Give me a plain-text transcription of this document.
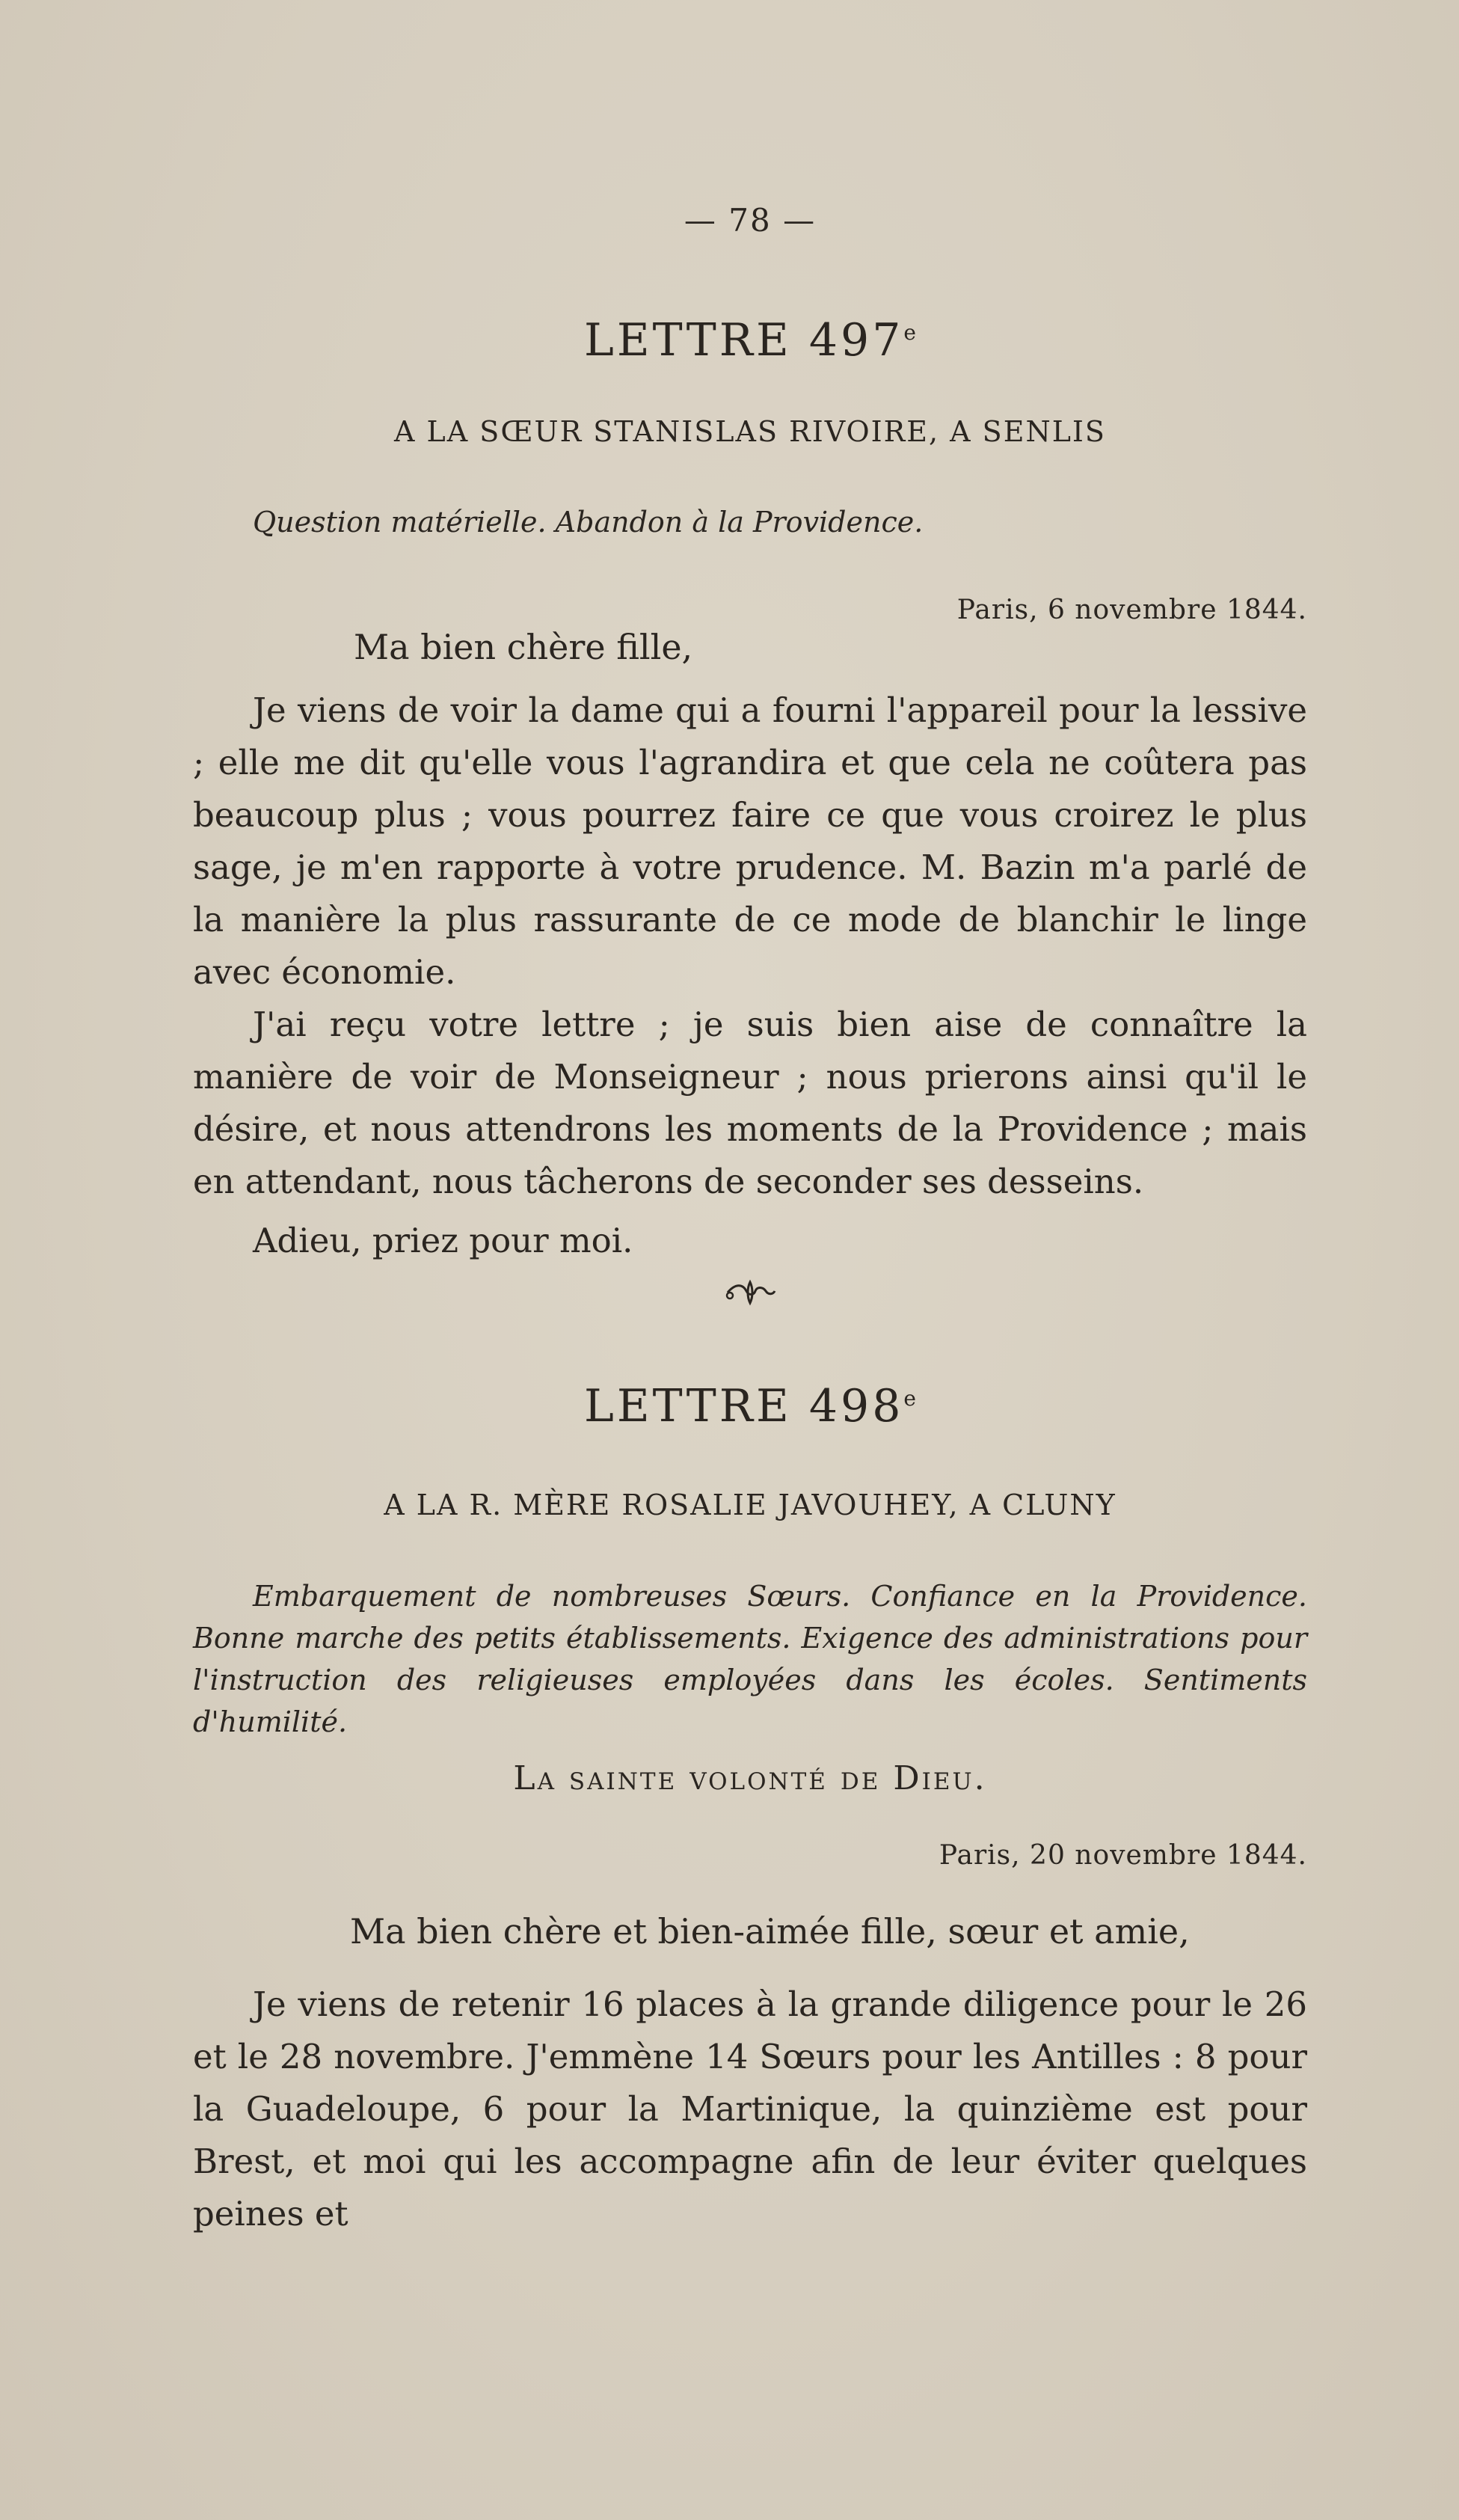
— 78 —
LETTRE 497e
A LA SŒUR STANISLAS RIVOIRE, A SENLIS
Question matérielle. Abandon à la Providence.
Paris, 6 novembre 1844.
Ma bien chère fille,

Je viens de voir la dame qui a fourni l'appareil pour la lessive ; elle me dit qu'elle vous l'agrandira et que cela ne coûtera pas beaucoup plus ; vous pourrez faire ce que vous croirez le plus sage, je m'en rapporte à votre prudence. M. Bazin m'a parlé de la manière la plus rassurante de ce mode de blanchir le linge avec économie.

J'ai reçu votre lettre ; je suis bien aise de connaître la manière de voir de Monseigneur ; nous prierons ainsi qu'il le désire, et nous attendrons les moments de la Providence ; mais en attendant, nous tâcherons de seconder ses desseins.

Adieu, priez pour moi.
LETTRE 498e
A LA R. MÈRE ROSALIE JAVOUHEY, A CLUNY
Embarquement de nombreuses Sœurs. Confiance en la Providence. Bonne marche des petits établissements. Exigence des administrations pour l'instruction des religieuses employées dans les écoles. Sentiments d'humilité.
La sainte volonté de Dieu.
Paris, 20 novembre 1844.
Ma bien chère et bien-aimée fille, sœur et amie,

Je viens de retenir 16 places à la grande diligence pour le 26 et le 28 novembre. J'emmène 14 Sœurs pour les Antilles : 8 pour la Guadeloupe, 6 pour la Martinique, la quinzième est pour Brest, et moi qui les accompagne afin de leur éviter quelques peines et
